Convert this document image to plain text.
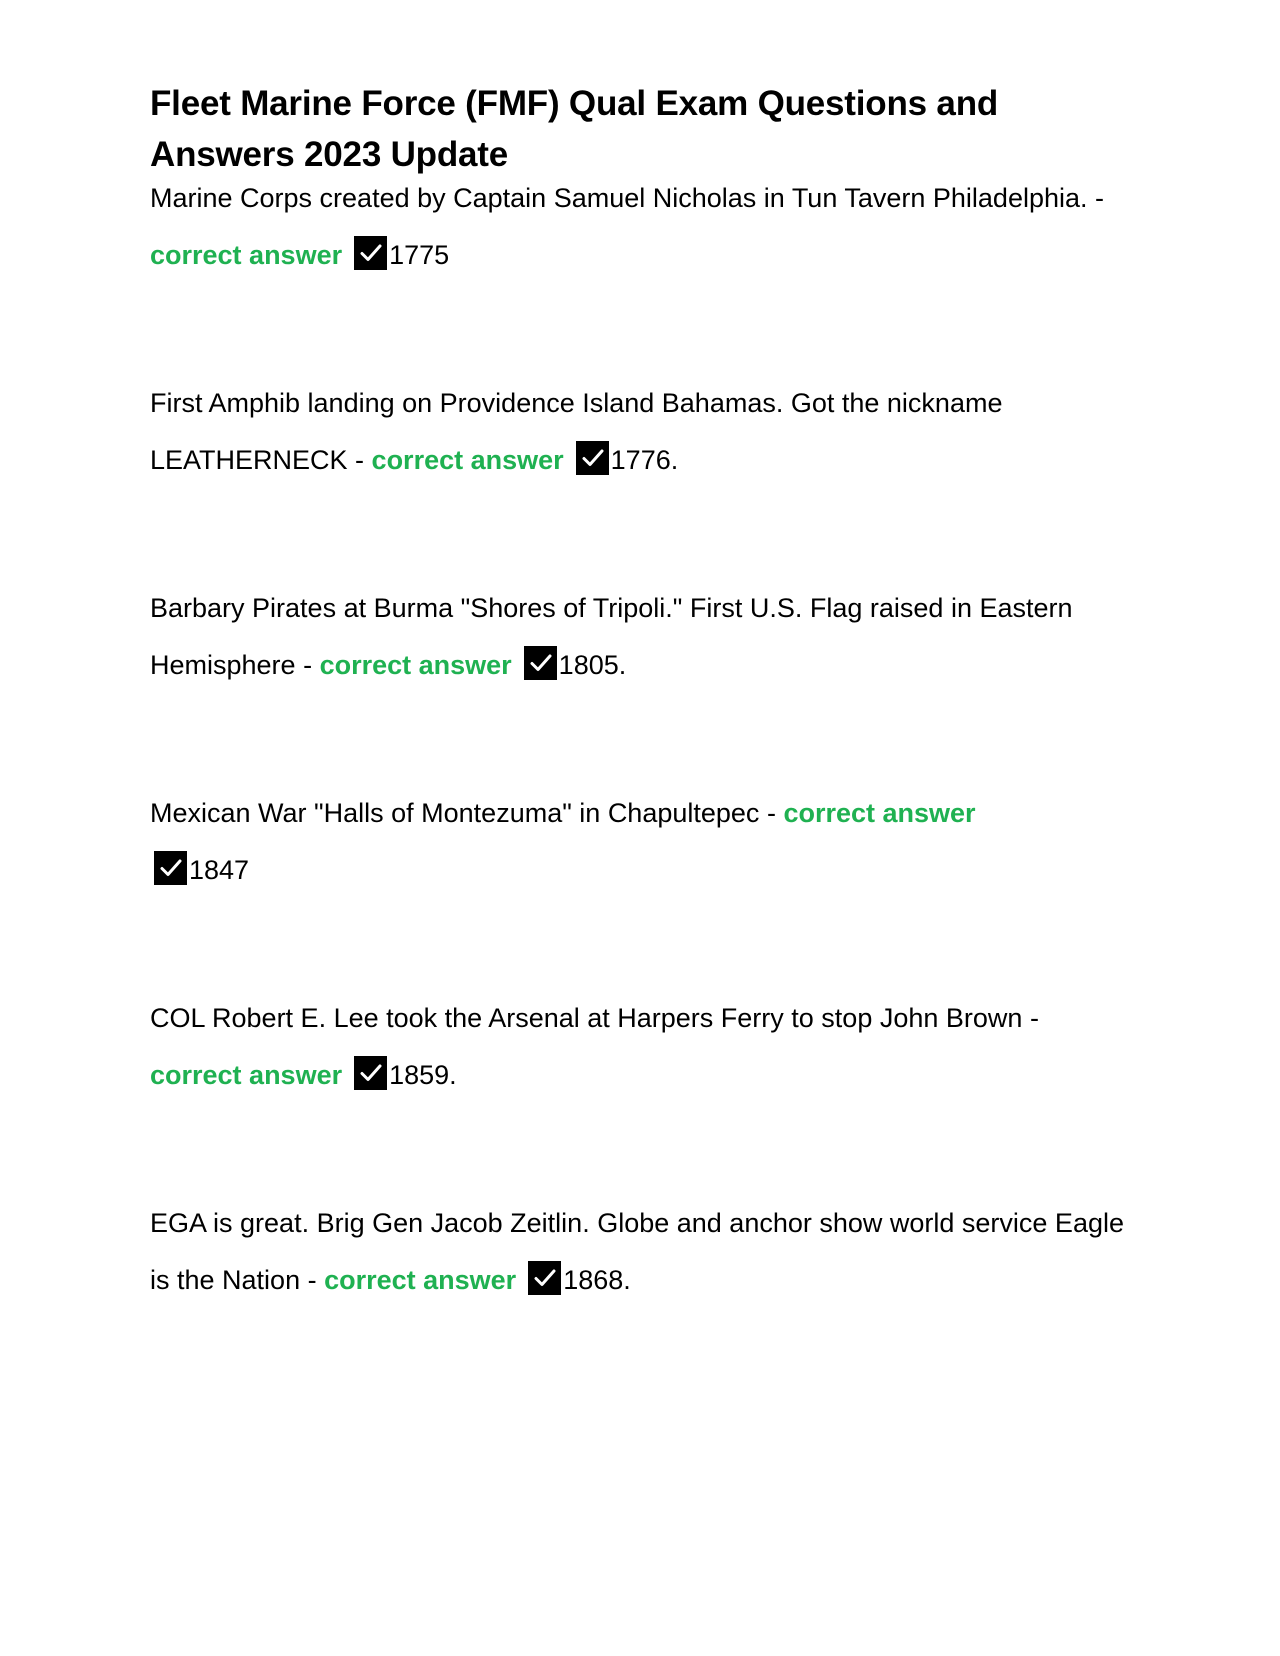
Fleet Marine Force (FMF) Qual Exam Questions and Answers 2023 Update

Marine Corps created by Captain Samuel Nicholas in Tun Tavern Philadelphia. - correct answer 1775

First Amphib landing on Providence Island Bahamas. Got the nickname LEATHERNECK - correct answer 1776.

Barbary Pirates at Burma "Shores of Tripoli." First U.S. Flag raised in Eastern Hemisphere - correct answer 1805.

Mexican War "Halls of Montezuma" in Chapultepec - correct answer

1847

COL Robert E. Lee took the Arsenal at Harpers Ferry to stop John Brown -
correct answer 1859.

EGA is great. Brig Gen Jacob Zeitlin. Globe and anchor show world service Eagle is the Nation - correct answer 1868.
